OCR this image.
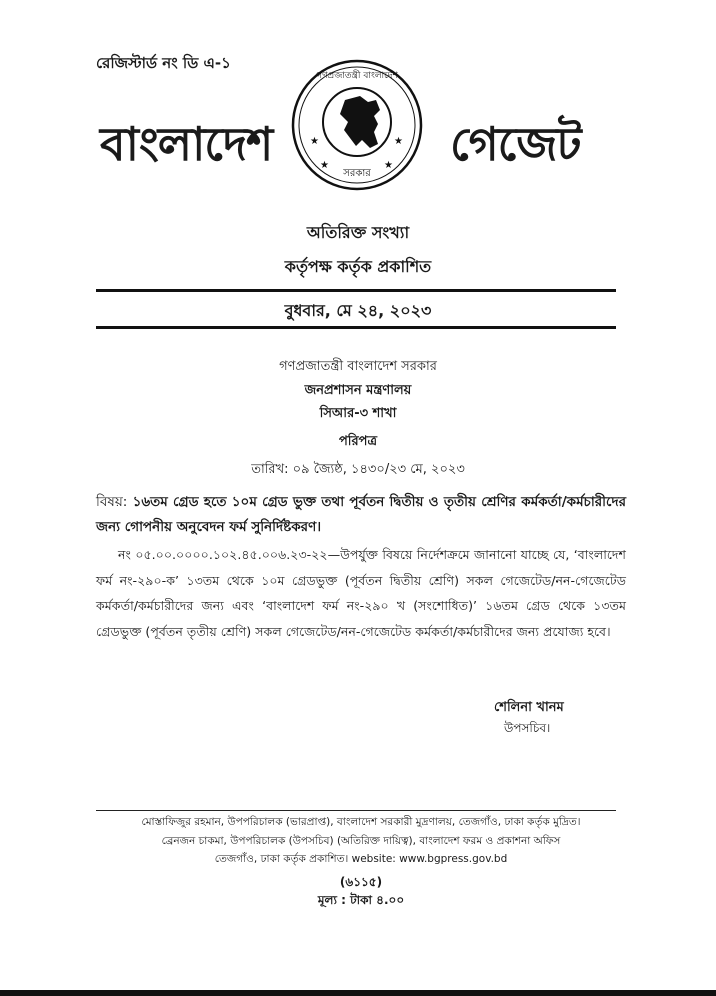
রেজিস্টার্ড নং ডি এ-১
বাংলাদেশ	★	★
★	★
গণপ্রজাতন্ত্রী বাংলাদেশ
সরকার
গেজেট
অতিরিক্ত সংখ্যা
কর্তৃপক্ষ কর্তৃক প্রকাশিত
বুধবার, মে ২৪, ২০২৩
গণপ্রজাতন্ত্রী বাংলাদেশ সরকার
জনপ্রশাসন মন্ত্রণালয়
সিআর-৩ শাখা
পরিপত্র
তারিখ: ০৯ জ্যৈষ্ঠ, ১৪৩০/২৩ মে, ২০২৩
বিষয়: ১৬তম গ্রেড হতে ১০ম গ্রেড ভুক্ত তথা পূর্বতন দ্বিতীয় ও তৃতীয় শ্রেণির কর্মকর্তা/কর্মচারীদের জন্য গোপনীয় অনুবেদন ফর্ম সুনির্দিষ্টকরণ।
নং ০৫.০০.০০০০.১০২.৪৫.০০৬.২৩-২২—উপর্যুক্ত বিষয়ে নির্দেশক্রমে জানানো যাচ্ছে যে, ‘বাংলাদেশ ফর্ম নং-২৯০-ক’ ১৩তম থেকে ১০ম গ্রেডভুক্ত (পূর্বতন দ্বিতীয় শ্রেণি) সকল গেজেটেড/নন-গেজেটেড কর্মকর্তা/কর্মচারীদের জন্য এবং ‘বাংলাদেশ ফর্ম নং-২৯০ খ (সংশোধিত)’ ১৬তম গ্রেড থেকে ১৩তম গ্রেডভুক্ত (পূর্বতন তৃতীয় শ্রেণি) সকল গেজেটেড/নন-গেজেটেড কর্মকর্তা/কর্মচারীদের জন্য প্রযোজ্য হবে।
শেলিনা খানম
উপসচিব।
মোস্তাফিজুর রহমান, উপপরিচালক (ভারপ্রাপ্ত), বাংলাদেশ সরকারী মুদ্রণালয়, তেজগাঁও, ঢাকা কর্তৃক মুদ্রিত।
ব্রেনজন চাকমা, উপপরিচালক (উপসচিব) (অতিরিক্ত দায়িত্ব), বাংলাদেশ ফরম ও প্রকাশনা অফিস
তেজগাঁও, ঢাকা কর্তৃক প্রকাশিত। website: www.bgpress.gov.bd
(৬১১৫)
মূল্য : টাকা ৪.০০
